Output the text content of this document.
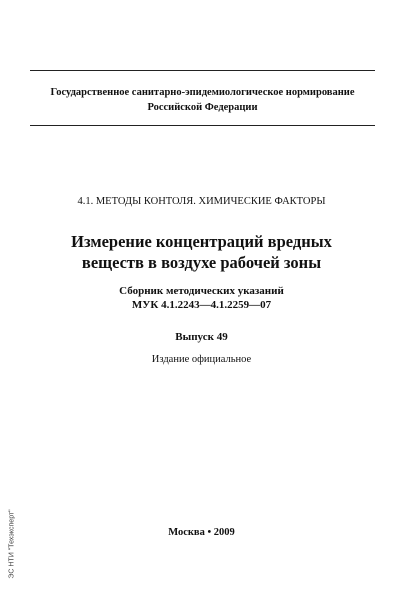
Государственное санитарно-эпидемиологическое нормирование
Российской Федерации
4.1. МЕТОДЫ КОНТОЛЯ. ХИМИЧЕСКИЕ ФАКТОРЫ
Измерение концентраций вредных
веществ в воздухе рабочей зоны
Сборник методических указаний
МУК 4.1.2243—4.1.2259—07
Выпуск 49
Издание официальное
Москва • 2009
ЭС НТИ "Техэксперт"
